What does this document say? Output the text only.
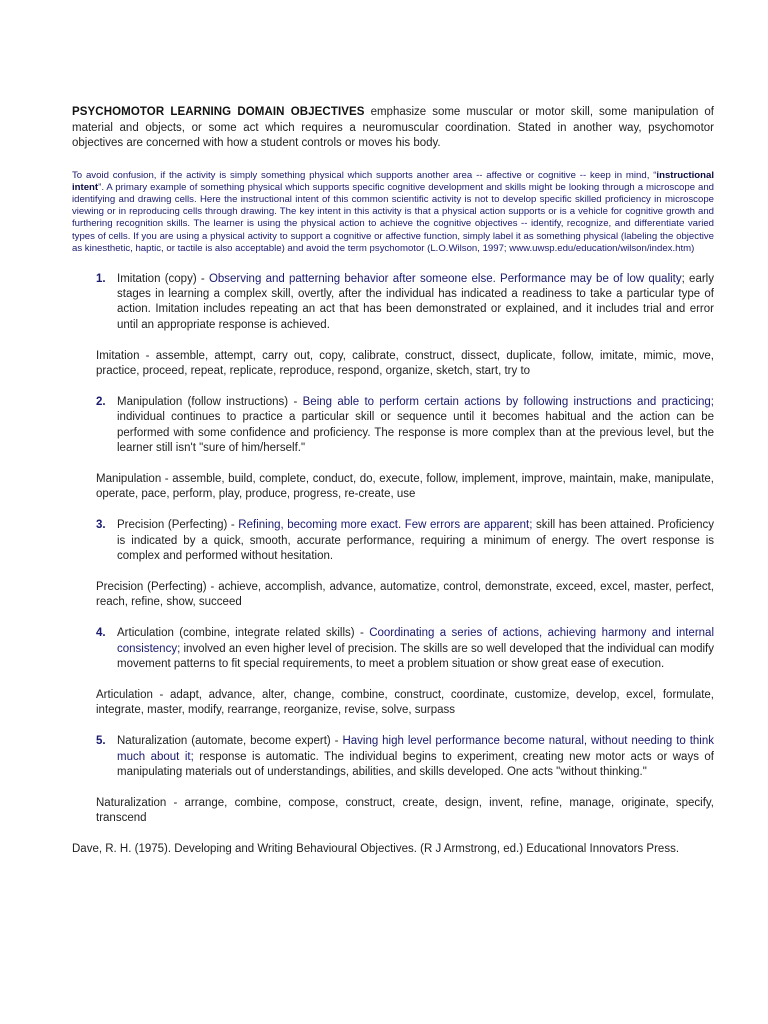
PSYCHOMOTOR LEARNING DOMAIN OBJECTIVES emphasize some muscular or motor skill, some manipulation of material and objects, or some act which requires a neuromuscular coordination. Stated in another way, psychomotor objectives are concerned with how a student controls or moves his body.

To avoid confusion, if the activity is simply something physical which supports another area -- affective or cognitive -- keep in mind, “instructional intent”. A primary example of something physical which supports specific cognitive development and skills might be looking through a microscope and identifying and drawing cells. Here the instructional intent of this common scientific activity is not to develop specific skilled proficiency in microscope viewing or in reproducing cells through drawing. The key intent in this activity is that a physical action supports or is a vehicle for cognitive growth and furthering recognition skills. The learner is using the physical action to achieve the cognitive objectives -- identify, recognize, and differentiate varied types of cells. If you are using a physical activity to support a cognitive or affective function, simply label it as something physical (labeling the objective as kinesthetic, haptic, or tactile is also acceptable) and avoid the term psychomotor (L.O.Wilson, 1997; www.uwsp.edu/education/wilson/index.htm)

1. Imitation (copy) - Observing and patterning behavior after someone else. Performance may be of low quality; early stages in learning a complex skill, overtly, after the individual has indicated a readiness to take a particular type of action. Imitation includes repeating an act that has been demonstrated or explained, and it includes trial and error until an appropriate response is achieved.
Imitation - assemble, attempt, carry out, copy, calibrate, construct, dissect, duplicate, follow, imitate, mimic, move, practice, proceed, repeat, replicate, reproduce, respond, organize, sketch, start, try to
2. Manipulation (follow instructions) - Being able to perform certain actions by following instructions and practicing; individual continues to practice a particular skill or sequence until it becomes habitual and the action can be performed with some confidence and proficiency. The response is more complex than at the previous level, but the learner still isn't "sure of him/herself."
Manipulation - assemble, build, complete, conduct, do, execute, follow, implement, improve, maintain, make, manipulate, operate, pace, perform, play, produce, progress, re-create, use
3. Precision (Perfecting) - Refining, becoming more exact. Few errors are apparent; skill has been attained. Proficiency is indicated by a quick, smooth, accurate performance, requiring a minimum of energy. The overt response is complex and performed without hesitation.
Precision (Perfecting) - achieve, accomplish, advance, automatize, control, demonstrate, exceed, excel, master, perfect, reach, refine, show, succeed
4. Articulation (combine, integrate related skills) - Coordinating a series of actions, achieving harmony and internal consistency; involved an even higher level of precision. The skills are so well developed that the individual can modify movement patterns to fit special requirements, to meet a problem situation or show great ease of execution.
Articulation - adapt, advance, alter, change, combine, construct, coordinate, customize, develop, excel, formulate, integrate, master, modify, rearrange, reorganize, revise, solve, surpass
5. Naturalization (automate, become expert) - Having high level performance become natural, without needing to think much about it; response is automatic. The individual begins to experiment, creating new motor acts or ways of manipulating materials out of understandings, abilities, and skills developed. One acts "without thinking."
Naturalization - arrange, combine, compose, construct, create, design, invent, refine, manage, originate, specify, transcend

Dave, R. H. (1975). Developing and Writing Behavioural Objectives. (R J Armstrong, ed.) Educational Innovators Press.
